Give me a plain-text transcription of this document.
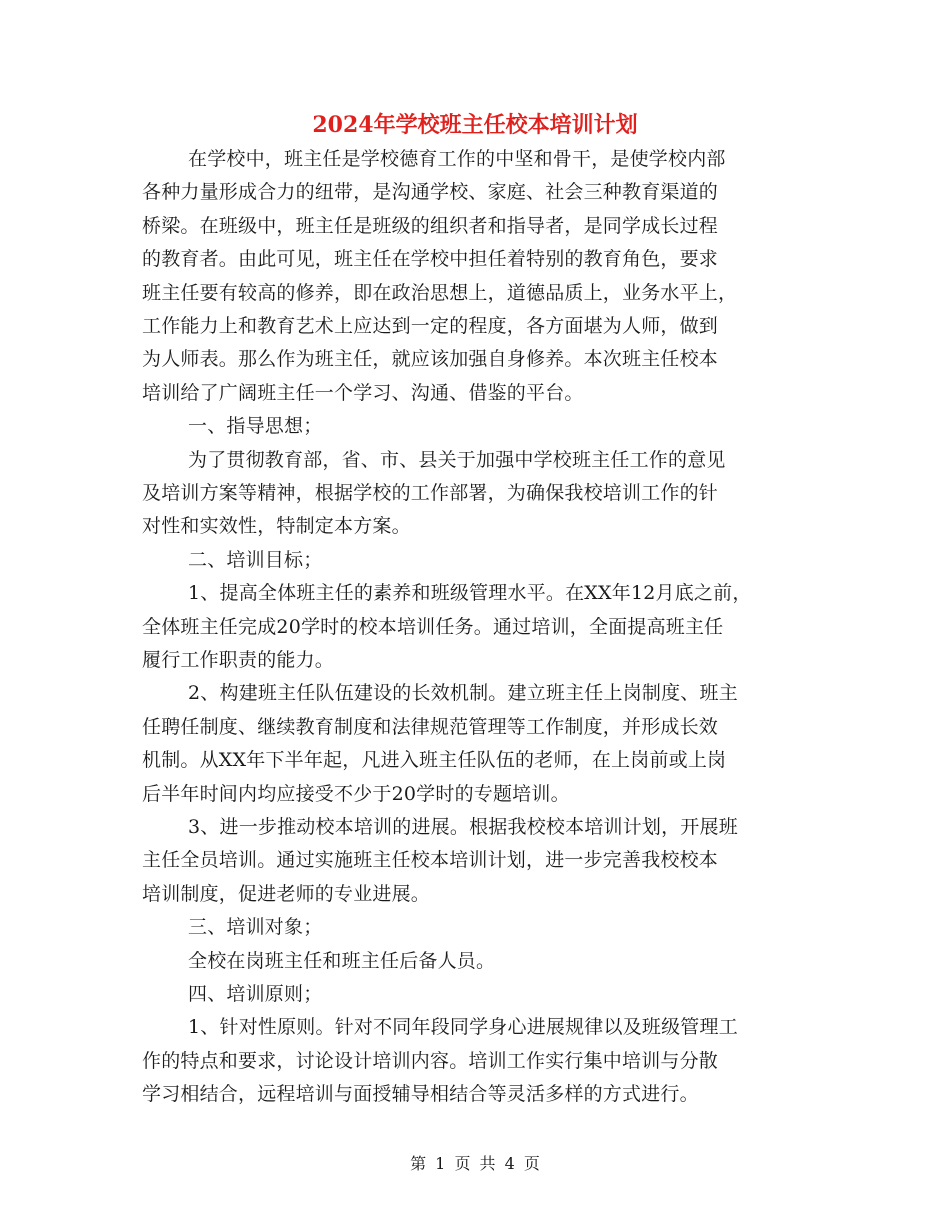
2024年学校班主任校本培训计划

在学校中，班主任是学校德育工作的中坚和骨干，是使学校内部

各种力量形成合力的纽带，是沟通学校、家庭、社会三种教育渠道的

桥梁。在班级中，班主任是班级的组织者和指导者，是同学成长过程

的教育者。由此可见，班主任在学校中担任着特别的教育角色，要求

班主任要有较高的修养，即在政治思想上，道德品质上，业务水平上，

工作能力上和教育艺术上应达到一定的程度，各方面堪为人师，做到

为人师表。那么作为班主任，就应该加强自身修养。本次班主任校本

培训给了广阔班主任一个学习、沟通、借鉴的平台。

一、指导思想；

为了贯彻教育部，省、市、县关于加强中学校班主任工作的意见

及培训方案等精神，根据学校的工作部署，为确保我校培训工作的针

对性和实效性，特制定本方案。

二、培训目标；

1、提高全体班主任的素养和班级管理水平。在XX年12月底之前，

全体班主任完成20学时的校本培训任务。通过培训，全面提高班主任

履行工作职责的能力。

2、构建班主任队伍建设的长效机制。建立班主任上岗制度、班主

任聘任制度、继续教育制度和法律规范管理等工作制度，并形成长效

机制。从XX年下半年起，凡进入班主任队伍的老师，在上岗前或上岗

后半年时间内均应接受不少于20学时的专题培训。

3、进一步推动校本培训的进展。根据我校校本培训计划，开展班

主任全员培训。通过实施班主任校本培训计划，进一步完善我校校本

培训制度，促进老师的专业进展。

三、培训对象；

全校在岗班主任和班主任后备人员。

四、培训原则；

1、针对性原则。针对不同年段同学身心进展规律以及班级管理工

作的特点和要求，讨论设计培训内容。培训工作实行集中培训与分散

学习相结合，远程培训与面授辅导相结合等灵活多样的方式进行。

第 1 页 共 4 页
